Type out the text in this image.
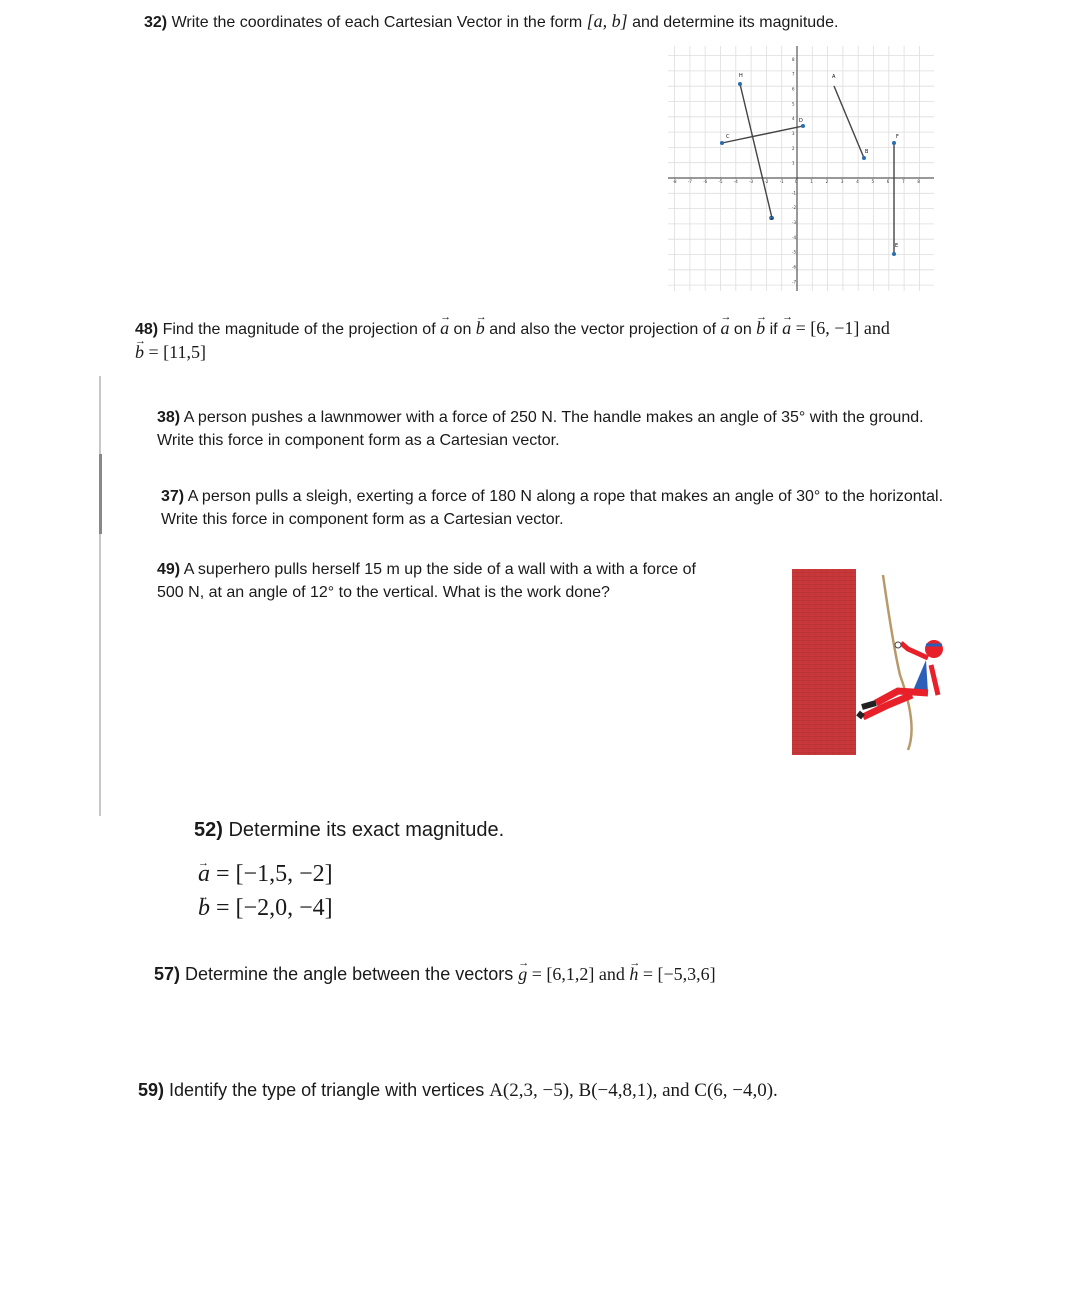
32) Write the coordinates of each Cartesian Vector in the form [a, b] and determine its magnitude.
-8	-7	-6	-5	-4	-3	-2	-1	0	1	2	3	4	5	6	7	8
8
7
6
5
4
3
2
1
-1
-2
-3
-4
-5
-6
-7
H	A
C
D
B
F
G
E
48) Find the magnitude of the projection of → a on → b and also the vector projection of → a on → b if → a = [6, −1] and
→ b = [11,5]
38) A person pushes a lawnmower with a force of 250 N. The handle makes an angle of 35° with the ground.
Write this force in component form as a Cartesian vector.
37) A person pulls a sleigh, exerting a force of 180 N along a rope that makes an angle of 30° to the horizontal.
Write this force in component form as a Cartesian vector.
49) A superhero pulls herself 15 m up the side of a wall with a with a force of
500 N, at an angle of 12° to the vertical. What is the work done?
52) Determine its exact magnitude.
→ a = [−1,5, −2]
→ b = [−2,0, −4]
57) Determine the angle between the vectors → g = [6,1,2] and → h = [−5,3,6]
59) Identify the type of triangle with vertices A(2,3, −5), B(−4,8,1), and C(6, −4,0).
